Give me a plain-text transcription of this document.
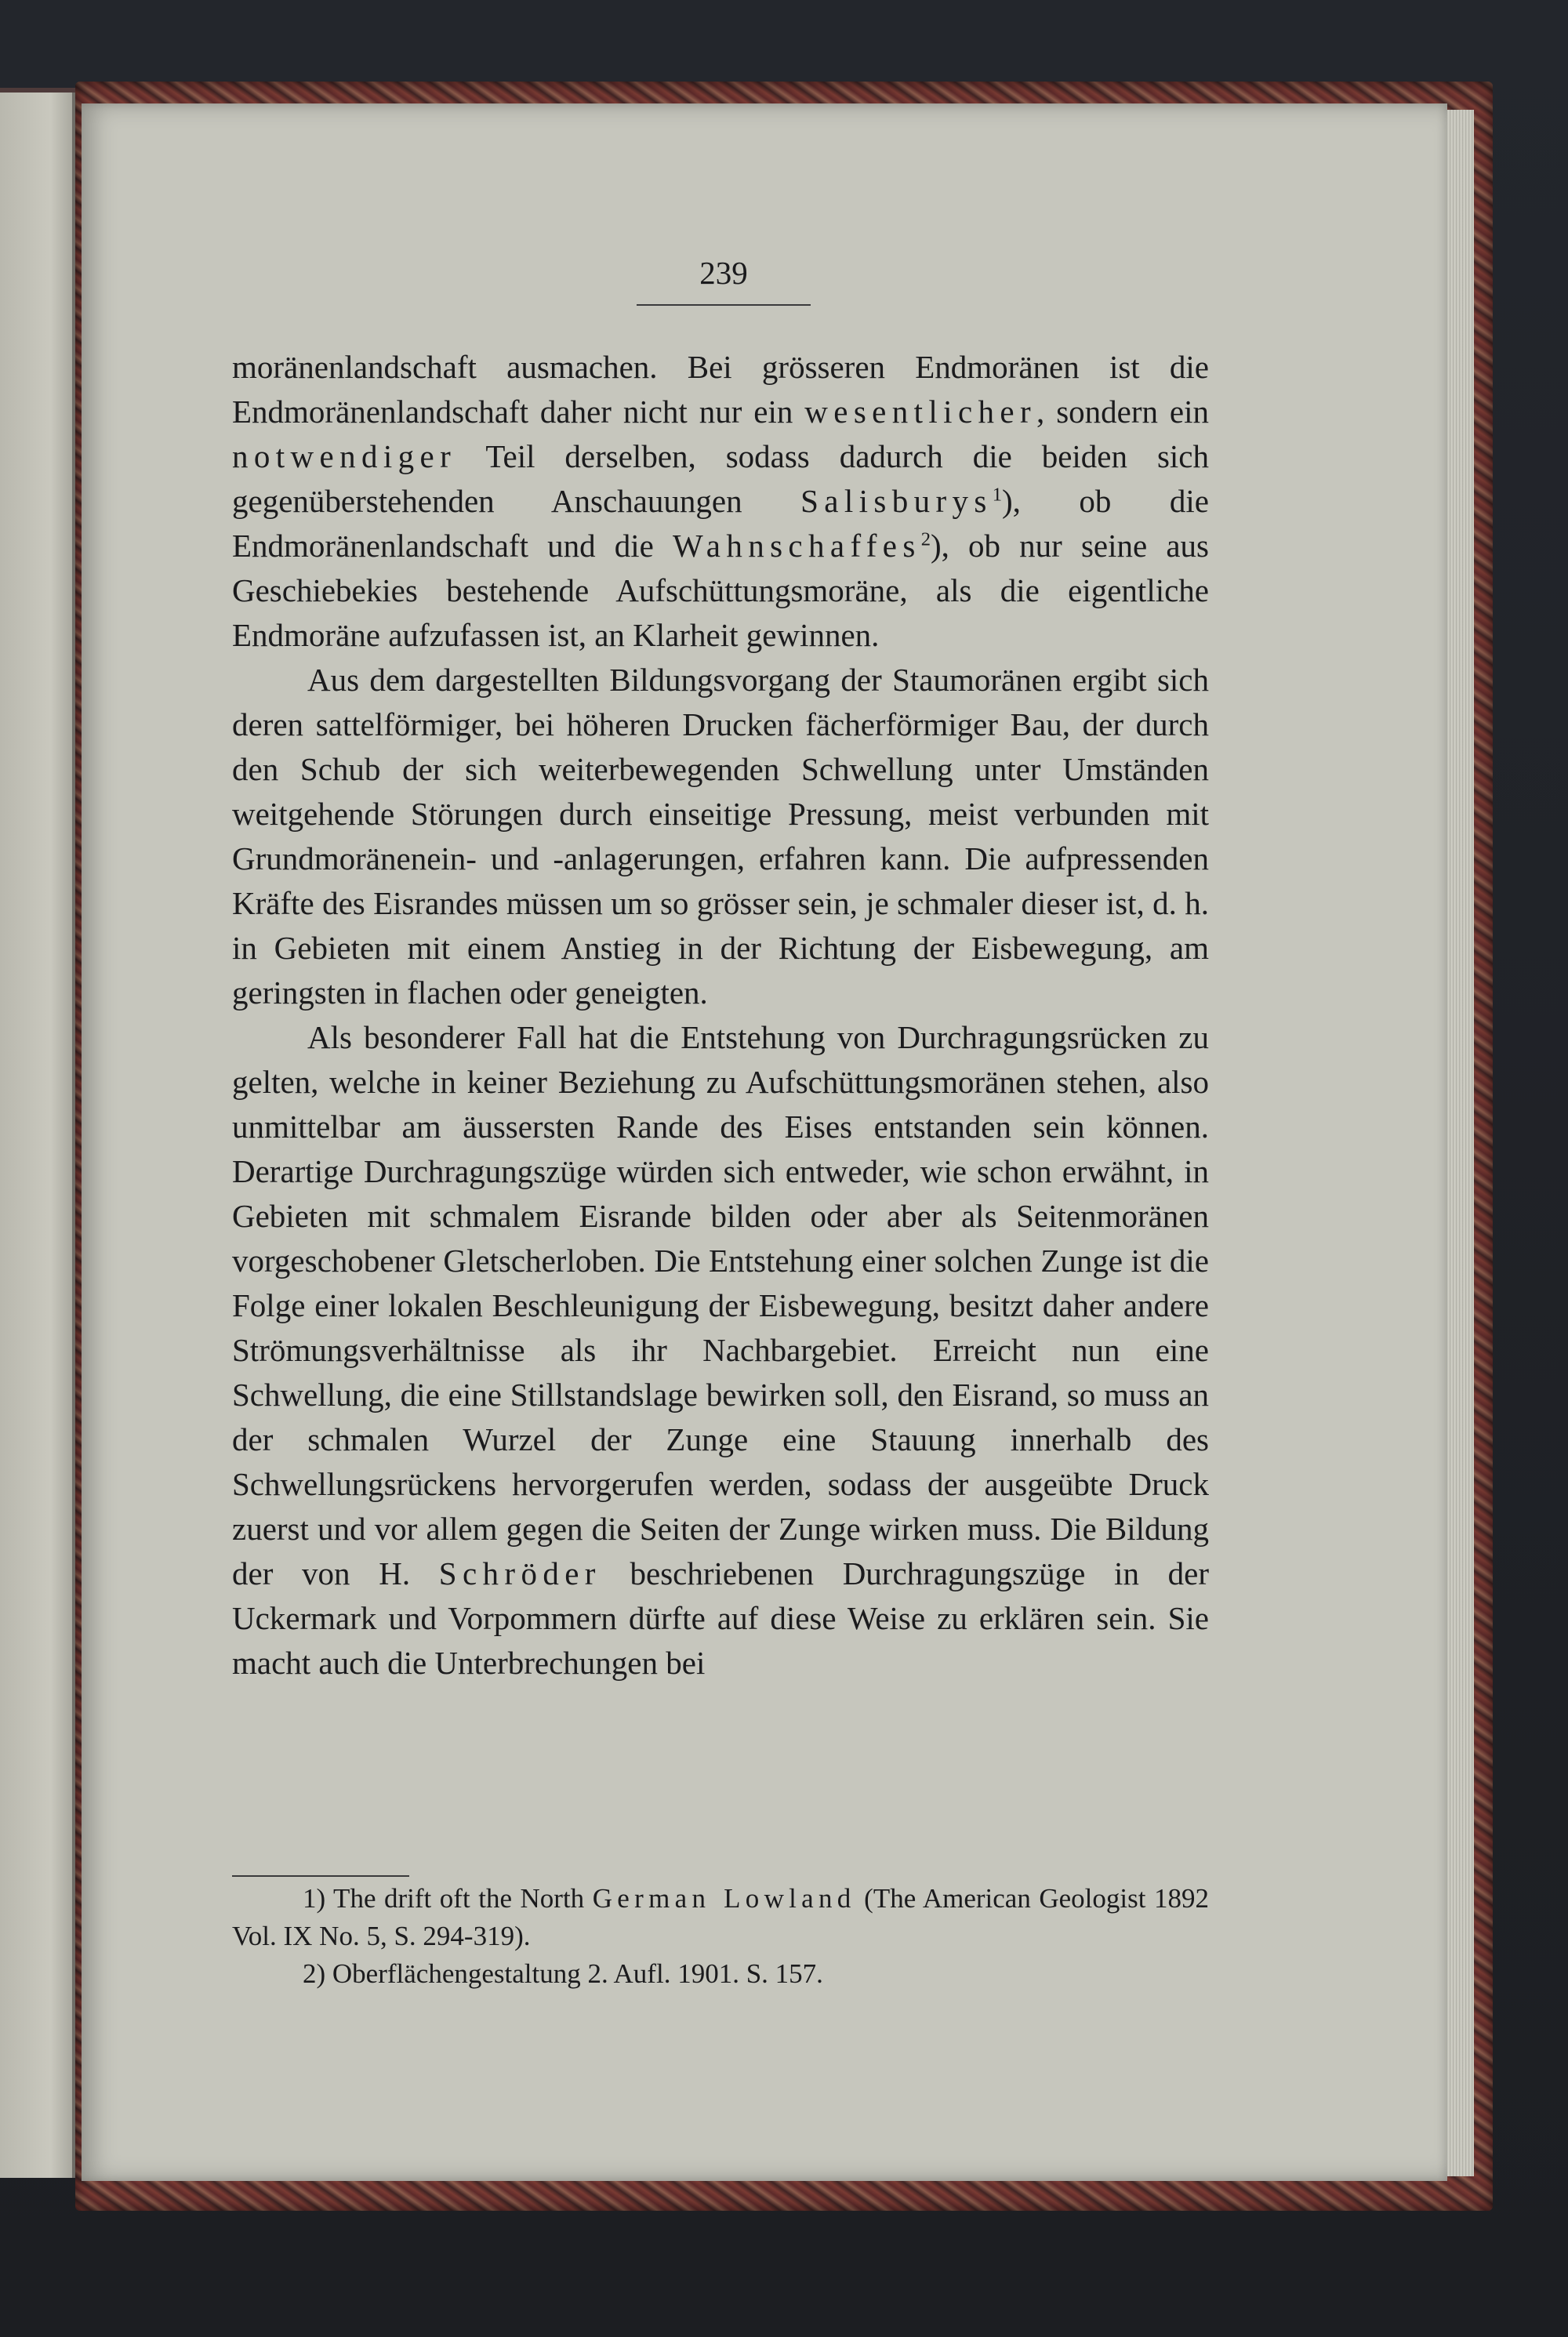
239

moränenlandschaft ausmachen. Bei grösseren Endmoränen ist die Endmoränenlandschaft daher nicht nur ein wesentlicher, sondern ein notwendiger Teil derselben, sodass dadurch die beiden sich gegenüberstehenden Anschauungen Salisburys$^1$), ob die Endmoränenlandschaft und die Wahnschaffes$^2$), ob nur seine aus Geschiebekies bestehende Aufschüttungsmoräne, als die eigentliche Endmoräne aufzufassen ist, an Klarheit gewinnen.

Aus dem dargestellten Bildungsvorgang der Staumoränen ergibt sich deren sattelförmiger, bei höheren Drucken fächerförmiger Bau, der durch den Schub der sich weiterbewegenden Schwellung unter Umständen weitgehende Störungen durch einseitige Pressung, meist verbunden mit Grundmoränenein- und -anlagerungen, erfahren kann. Die aufpressenden Kräfte des Eisrandes müssen um so grösser sein, je schmaler dieser ist, d. h. in Gebieten mit einem Anstieg in der Richtung der Eisbewegung, am geringsten in flachen oder geneigten.

Als besonderer Fall hat die Entstehung von Durchragungsrücken zu gelten, welche in keiner Beziehung zu Aufschüttungsmoränen stehen, also unmittelbar am äussersten Rande des Eises entstanden sein können. Derartige Durchragungszüge würden sich entweder, wie schon erwähnt, in Gebieten mit schmalem Eisrande bilden oder aber als Seitenmoränen vorgeschobener Gletscherloben. Die Entstehung einer solchen Zunge ist die Folge einer lokalen Beschleunigung der Eisbewegung, besitzt daher andere Strömungsverhältnisse als ihr Nachbargebiet. Erreicht nun eine Schwellung, die eine Stillstandslage bewirken soll, den Eisrand, so muss an der schmalen Wurzel der Zunge eine Stauung innerhalb des Schwellungsrückens hervorgerufen werden, sodass der ausgeübte Druck zuerst und vor allem gegen die Seiten der Zunge wirken muss. Die Bildung der von H. Schröder beschriebenen Durchragungszüge in der Uckermark und Vorpommern dürfte auf diese Weise zu erklären sein. Sie macht auch die Unterbrechungen bei

1) The drift oft the North German Lowland (The American Geologist 1892 Vol. IX No. 5, S. 294-319).

2) Oberflächengestaltung 2. Aufl. 1901. S. 157.
